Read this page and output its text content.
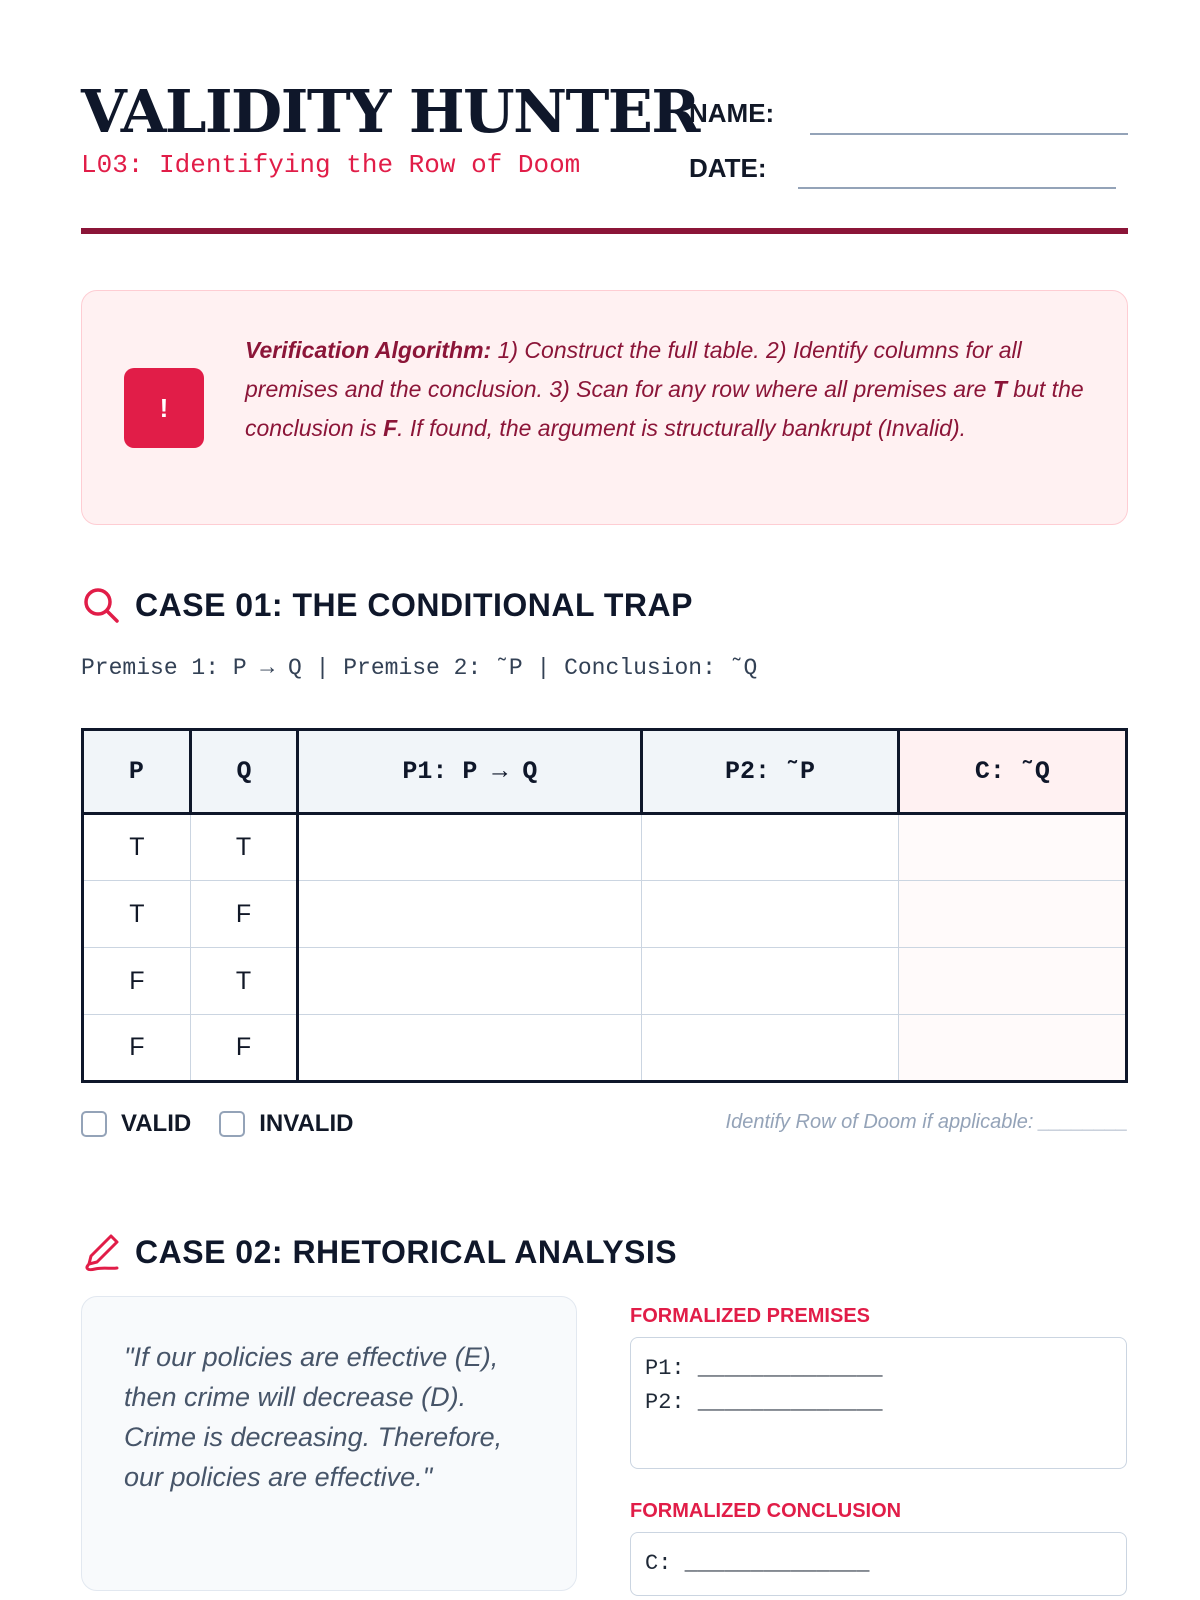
VALIDITY HUNTER
L03: Identifying the Row of Doom
NAME:
DATE:
!
Verification Algorithm: 1) Construct the full table. 2) Identify columns for all premises and the conclusion. 3) Scan for any row where all premises are T but the conclusion is F. If found, the argument is structurally bankrupt (Invalid).
CASE 01: THE CONDITIONAL TRAP
Premise 1: P → Q | Premise 2: ˜P | Conclusion: ˜Q
P	Q	P1: P → Q	P2: ˜P	C: ˜Q
T	T			
T	F			
F	T			
F	F			
VALID	INVALID	Identify Row of Doom if applicable: ________
CASE 02: RHETORICAL ANALYSIS

"If our policies are effective (E), then crime will decrease (D). Crime is decreasing. Therefore, our policies are effective."

FORMALIZED PREMISES
P1: ______________
P2: ______________
FORMALIZED CONCLUSION
C: ______________
